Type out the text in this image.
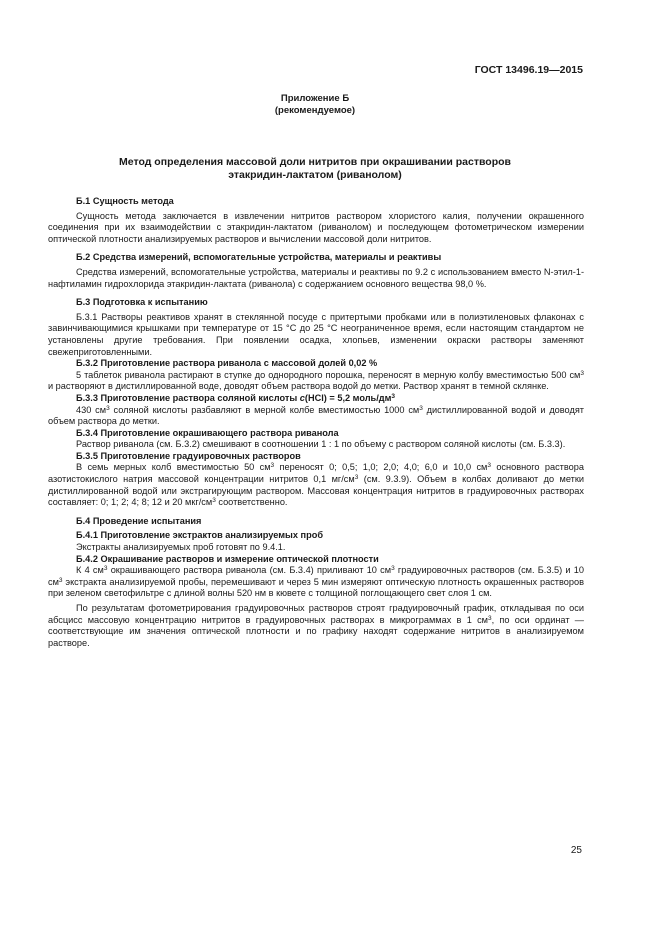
ГОСТ 13496.19—2015
Приложение Б
(рекомендуемое)
Метод определения массовой доли нитритов при окрашивании растворов
этакридин-лактатом (риванолом)

Б.1 Сущность метода

Сущность метода заключается в извлечении нитритов раствором хлористого калия, получении окрашенного соединения при их взаимодействии с этакридин-лактатом (риванолом) и последующем фотометрическом измерении оптической плотности анализируемых растворов и вычислении массовой доли нитритов.

Б.2 Средства измерений, вспомогательные устройства, материалы и реактивы

Средства измерений, вспомогательные устройства, материалы и реактивы по 9.2 с использованием вместо N-этил-1-нафтиламин гидрохлорида этакридин-лактата (риванола) с содержанием основного вещества 98,0 %.

Б.3 Подготовка к испытанию

Б.3.1 Растворы реактивов хранят в стеклянной посуде с притертыми пробками или в полиэтиленовых флаконах с завинчивающимися крышками при температуре от 15 °С до 25 °С неограниченное время, если настоящим стандартом не установлены другие требования. При появлении осадка, хлопьев, изменении окраски растворы заменяют свежеприготовленными.

Б.3.2 Приготовление раствора риванола с массовой долей 0,02 %

5 таблеток риванола растирают в ступке до однородного порошка, переносят в мерную колбу вместимостью 500 $см^3$ и растворяют в дистиллированной воде, доводят объем раствора водой до метки. Раствор хранят в темной склянке.

Б.3.3 Приготовление раствора соляной кислоты c(HCl) = 5,2 моль/$дм^3$

430 $см^3$ соляной кислоты разбавляют в мерной колбе вместимостью 1000 $см^3$ дистиллированной водой и доводят объем раствора до метки.

Б.3.4 Приготовление окрашивающего раствора риванола

Раствор риванола (см. Б.3.2) смешивают в соотношении 1 : 1 по объему с раствором соляной кислоты (см. Б.3.3).

Б.3.5 Приготовление градуировочных растворов

В семь мерных колб вместимостью 50 $см^3$ переносят 0; 0,5; 1,0; 2,0; 4,0; 6,0 и 10,0 $см^3$ основного раствора азотистокислого натрия массовой концентрации нитритов 0,1 $мг/см^3$ (см. 9.3.9). Объем в колбах доливают до метки дистиллированной водой или экстрагирующим раствором. Массовая концентрация нитритов в градуировочных растворах составляет: 0; 1; 2; 4; 8; 12 и 20 мкг/$см^3$ соответственно.

Б.4 Проведение испытания

Б.4.1 Приготовление экстрактов анализируемых проб

Экстракты анализируемых проб готовят по 9.4.1.

Б.4.2 Окрашивание растворов и измерение оптической плотности

К 4 $см^3$ окрашивающего раствора риванола (см. Б.3.4) приливают 10 $см^3$ градуировочных растворов (см. Б.3.5) и 10 $см^3$ экстракта анализируемой пробы, перемешивают и через 5 мин измеряют оптическую плотность окрашенных растворов при зеленом светофильтре с длиной волны 520 нм в кювете с толщиной поглощающего свет слоя 1 см.

По результатам фотометрирования градуировочных растворов строят градуировочный график, откладывая по оси абсцисс массовую концентрацию нитритов в градуировочных растворах в микрограммах в 1 $см^3$, по оси ординат — соответствующие им значения оптической плотности и по графику находят содержание нитритов в анализируемом растворе.

25
